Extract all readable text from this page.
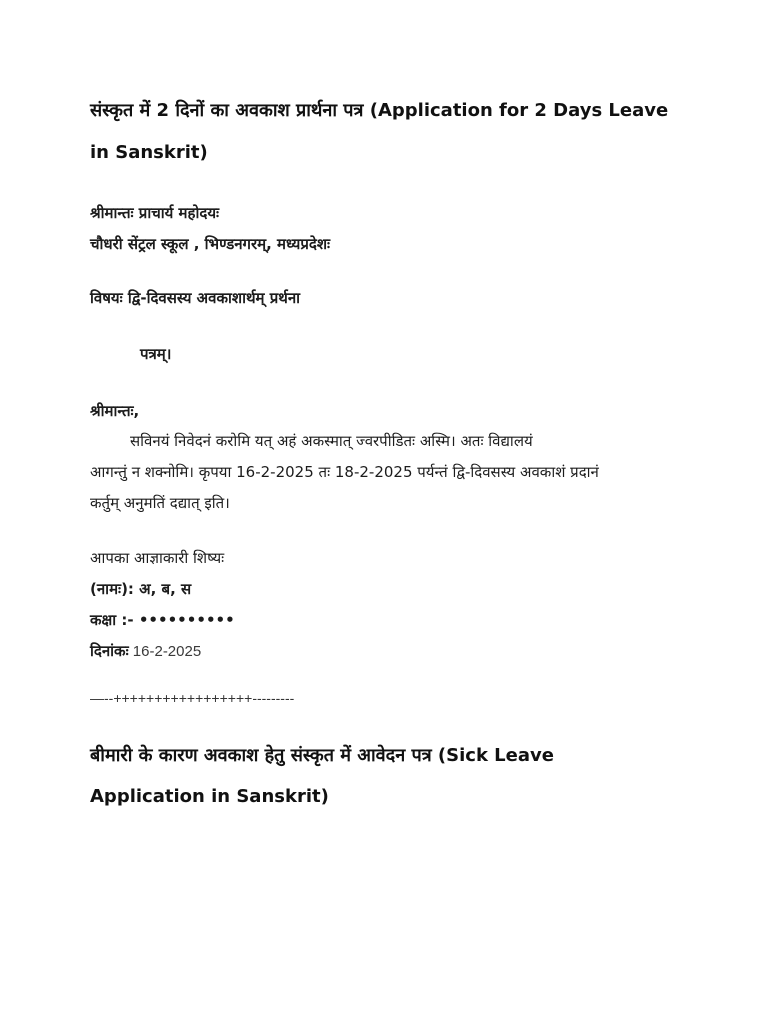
संस्कृत में 2 दिनों का अवकाश प्रार्थना पत्र (Application for 2 Days Leave
in Sanskrit)
श्रीमान्तः प्राचार्य महोदयः
चौधरी सेंट्रल स्कूल , भिण्डनगरम्, मध्यप्रदेशः
विषयः द्वि-दिवसस्य अवकाशार्थम् प्रर्थना
पत्रम्।
श्रीमान्तः,
सविनयं निवेदनं करोमि यत् अहं अकस्मात् ज्वरपीडितः अस्मि। अतः विद्यालयं
आगन्तुं न शक्नोमि। कृपया 16-2-2025 तः 18-2-2025 पर्यन्तं द्वि-दिवसस्य अवकाशं प्रदानं
कर्तुम् अनुमतिं दद्यात् इति।
आपका आज्ञाकारी शिष्यः
(नामः): अ, ब, स
कक्षा :- ••••••••••
दिनांकः 16-2-2025
—--+++++++++++++++++---------
बीमारी के कारण अवकाश हेतु संस्कृत में आवेदन पत्र (Sick Leave
Application in Sanskrit)
